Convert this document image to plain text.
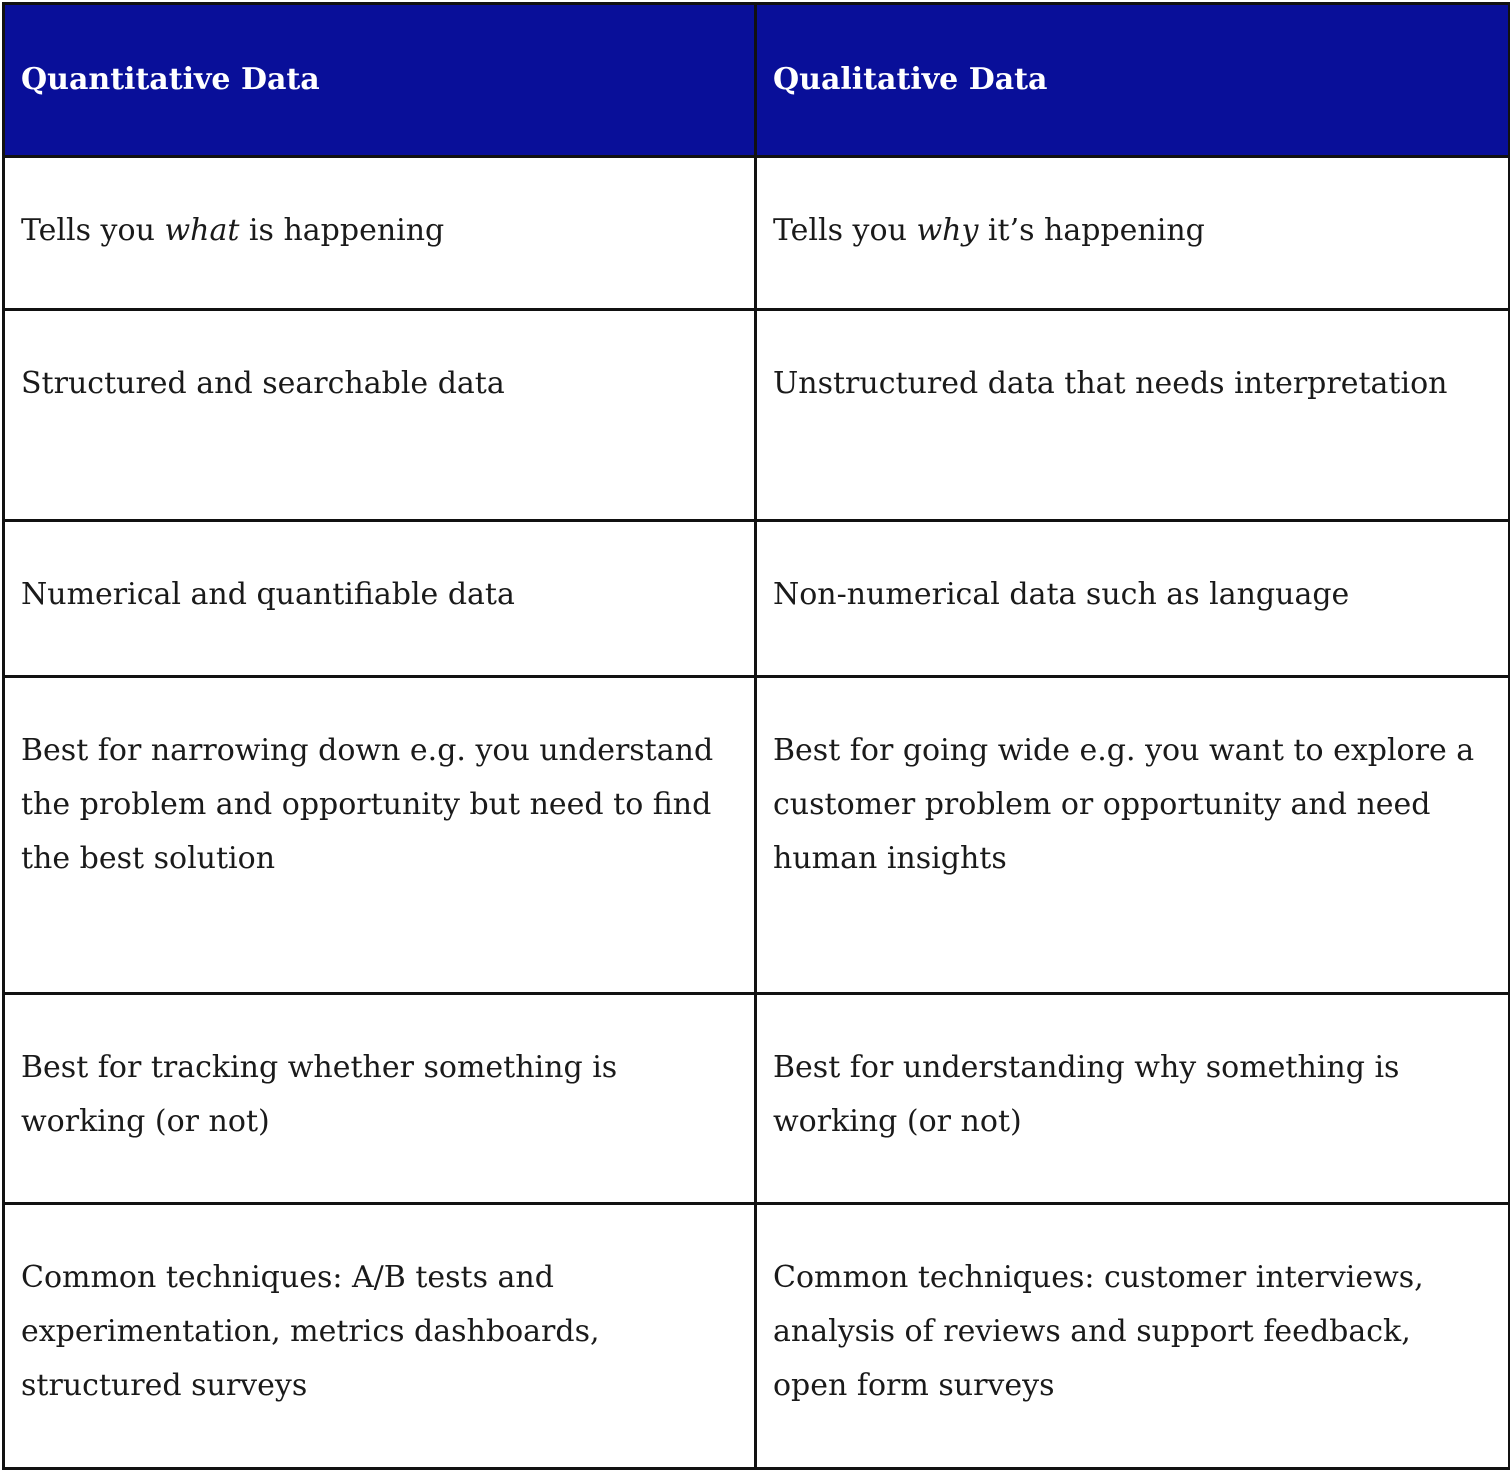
Quantitative Data	Qualitative Data
Tells you what is happening	Tells you why it’s happening
Structured and searchable data	Unstructured data that needs interpretation
Numerical and quantifiable data	Non-numerical data such as language
Best for narrowing down e.g. you understand the problem and opportunity but need to find the best solution	Best for going wide e.g. you want to explore a customer problem or opportunity and need human insights
Best for tracking whether something is working (or not)	Best for understanding why something is working (or not)
Common techniques: A/B tests and experimentation, metrics dashboards, structured surveys	Common techniques: customer interviews, analysis of reviews and support feedback, open form surveys
